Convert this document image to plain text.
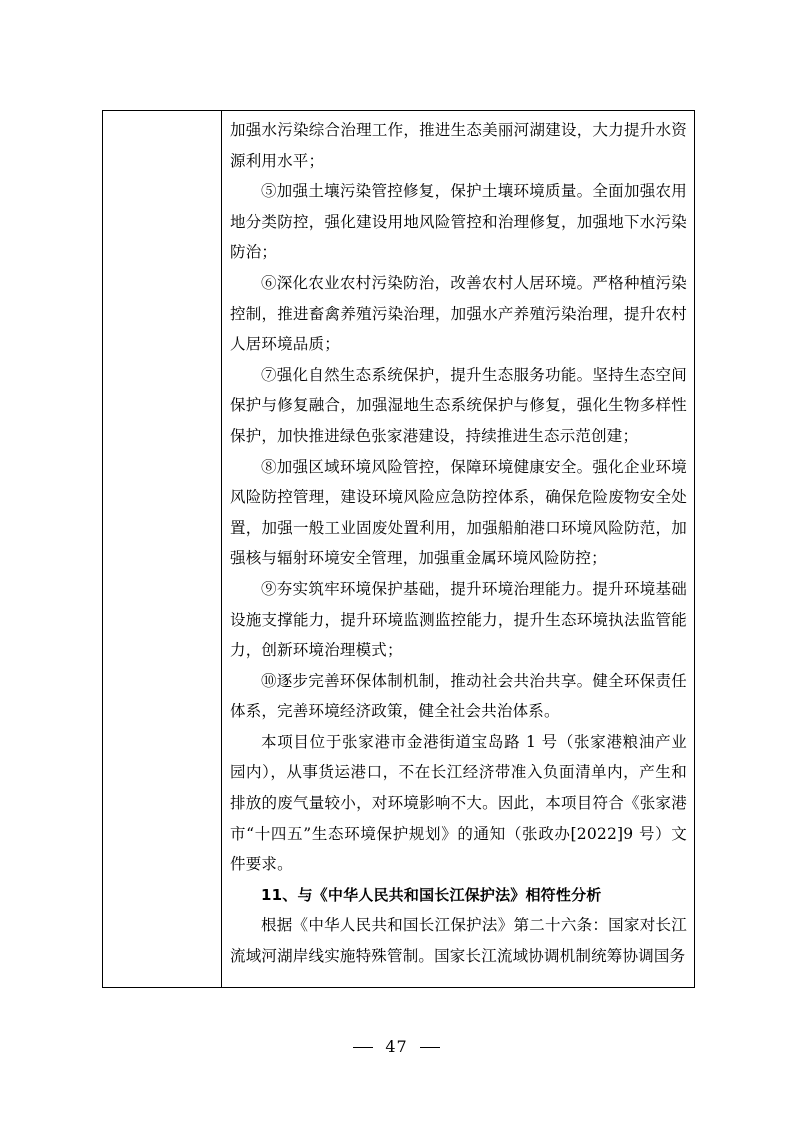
加强水污染综合治理工作，推进生态美丽河湖建设，大力提升水资源利用水平；

⑤加强土壤污染管控修复，保护土壤环境质量。全面加强农用地分类防控，强化建设用地风险管控和治理修复，加强地下水污染防治；

⑥深化农业农村污染防治，改善农村人居环境。严格种植污染控制，推进畜禽养殖污染治理，加强水产养殖污染治理，提升农村人居环境品质；

⑦强化自然生态系统保护，提升生态服务功能。坚持生态空间保护与修复融合，加强湿地生态系统保护与修复，强化生物多样性保护，加快推进绿色张家港建设，持续推进生态示范创建；

⑧加强区域环境风险管控，保障环境健康安全。强化企业环境风险防控管理，建设环境风险应急防控体系，确保危险废物安全处置，加强一般工业固废处置利用，加强船舶港口环境风险防范，加强核与辐射环境安全管理，加强重金属环境风险防控；

⑨夯实筑牢环境保护基础，提升环境治理能力。提升环境基础设施支撑能力，提升环境监测监控能力，提升生态环境执法监管能力，创新环境治理模式；

⑩逐步完善环保体制机制，推动社会共治共享。健全环保责任体系，完善环境经济政策，健全社会共治体系。

本项目位于张家港市金港街道宝岛路 1 号（张家港粮油产业园内），从事货运港口，不在长江经济带准入负面清单内，产生和排放的废气量较小，对环境影响不大。因此，本项目符合《张家港市“十四五”生态环境保护规划》的通知（张政办[2022]9 号）文件要求。

11、与《中华人民共和国长江保护法》相符性分析

根据《中华人民共和国长江保护法》第二十六条：国家对长江流域河湖岸线实施特殊管制。国家长江流域协调机制统筹协调国务

47
